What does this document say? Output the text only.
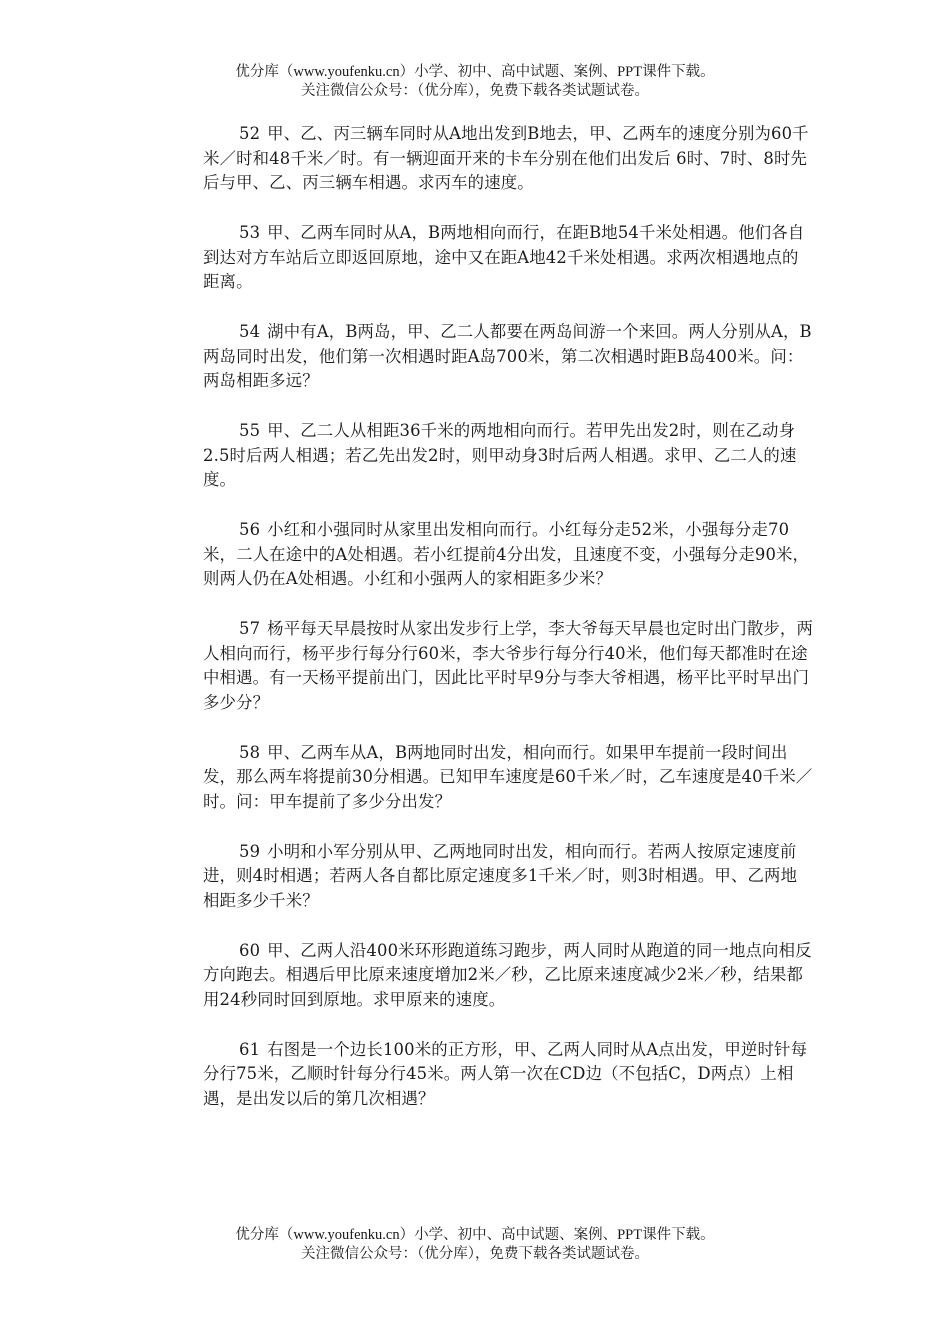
优分库（www.youfenku.cn）小学、初中、高中试题、案例、PPT课件下载。
关注微信公众号：（优分库），免费下载各类试题试卷。

52 甲、乙、丙三辆车同时从A地出发到B地去，甲、乙两车的速度分别为60千米／时和48千米／时。有一辆迎面开来的卡车分别在他们出发后 6时、7时、8时先后与甲、乙、丙三辆车相遇。求丙车的速度。

53 甲、乙两车同时从A，B两地相向而行，在距B地54千米处相遇。他们各自到达对方车站后立即返回原地，途中又在距A地42千米处相遇。求两次相遇地点的距离。

54 湖中有A，B两岛，甲、乙二人都要在两岛间游一个来回。两人分别从A，B两岛同时出发，他们第一次相遇时距A岛700米，第二次相遇时距B岛400米。问：两岛相距多远？

55 甲、乙二人从相距36千米的两地相向而行。若甲先出发2时，则在乙动身2.5时后两人相遇；若乙先出发2时，则甲动身3时后两人相遇。求甲、乙二人的速度。

56 小红和小强同时从家里出发相向而行。小红每分走52米，小强每分走70米，二人在途中的A处相遇。若小红提前4分出发，且速度不变，小强每分走90米，则两人仍在A处相遇。小红和小强两人的家相距多少米？

57 杨平每天早晨按时从家出发步行上学，李大爷每天早晨也定时出门散步，两人相向而行，杨平步行每分行60米，李大爷步行每分行40米，他们每天都准时在途中相遇。有一天杨平提前出门，因此比平时早9分与李大爷相遇，杨平比平时早出门多少分？

58 甲、乙两车从A，B两地同时出发，相向而行。如果甲车提前一段时间出发，那么两车将提前30分相遇。已知甲车速度是60千米／时，乙车速度是40千米／时。问：甲车提前了多少分出发？

59 小明和小军分别从甲、乙两地同时出发，相向而行。若两人按原定速度前进，则4时相遇；若两人各自都比原定速度多1千米／时，则3时相遇。甲、乙两地相距多少千米？

60 甲、乙两人沿400米环形跑道练习跑步，两人同时从跑道的同一地点向相反方向跑去。相遇后甲比原来速度增加2米／秒，乙比原来速度减少2米／秒，结果都用24秒同时回到原地。求甲原来的速度。

61 右图是一个边长100米的正方形，甲、乙两人同时从A点出发，甲逆时针每分行75米，乙顺时针每分行45米。两人第一次在CD边（不包括C，D两点）上相遇，是出发以后的第几次相遇？

优分库（www.youfenku.cn）小学、初中、高中试题、案例、PPT课件下载。
关注微信公众号：（优分库），免费下载各类试题试卷。
